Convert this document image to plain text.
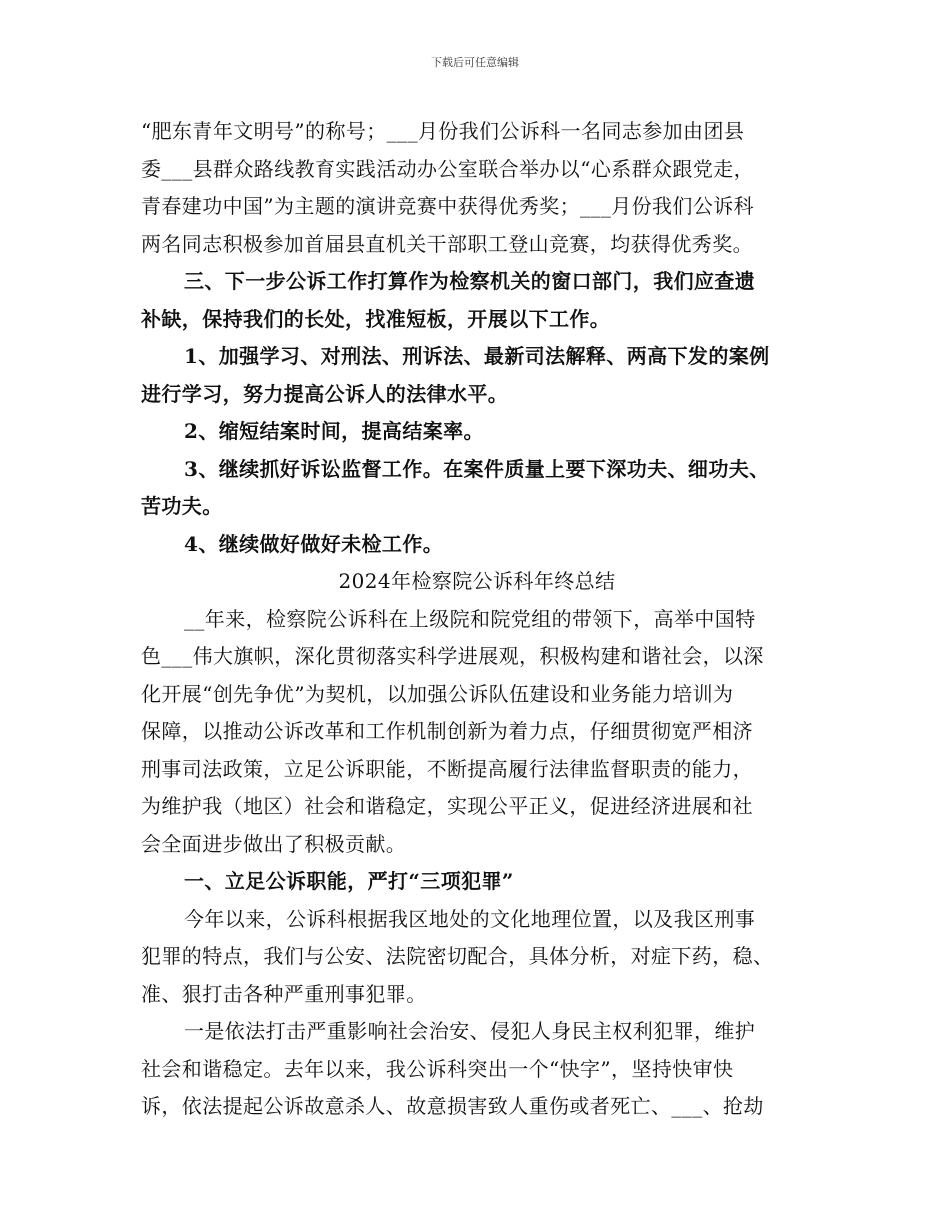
下载后可任意编辑
“肥东青年文明号”的称号；___月份我们公诉科一名同志参加由团县
委___县群众路线教育实践活动办公室联合举办以“心系群众跟党走，
青春建功中国”为主题的演讲竞赛中获得优秀奖；___月份我们公诉科
两名同志积极参加首届县直机关干部职工登山竞赛，均获得优秀奖。
三、下一步公诉工作打算作为检察机关的窗口部门，我们应查遗
补缺，保持我们的长处，找准短板，开展以下工作。
1、加强学习、对刑法、刑诉法、最新司法解释、两高下发的案例
进行学习，努力提高公诉人的法律水平。
2、缩短结案时间，提高结案率。
3、继续抓好诉讼监督工作。在案件质量上要下深功夫、细功夫、
苦功夫。
4、继续做好做好未检工作。
2024年检察院公诉科年终总结
__年来，检察院公诉科在上级院和院党组的带领下，高举中国特
色___伟大旗帜，深化贯彻落实科学进展观，积极构建和谐社会，以深
化开展“创先争优”为契机，以加强公诉队伍建设和业务能力培训为
保障，以推动公诉改革和工作机制创新为着力点，仔细贯彻宽严相济
刑事司法政策，立足公诉职能，不断提高履行法律监督职责的能力，
为维护我（地区）社会和谐稳定，实现公平正义，促进经济进展和社
会全面进步做出了积极贡献。
一、立足公诉职能，严打“三项犯罪”
今年以来，公诉科根据我区地处的文化地理位置，以及我区刑事
犯罪的特点，我们与公安、法院密切配合，具体分析，对症下药，稳、
准、狠打击各种严重刑事犯罪。
一是依法打击严重影响社会治安、侵犯人身民主权利犯罪，维护
社会和谐稳定。去年以来，我公诉科突出一个“快字”，坚持快审快
诉，依法提起公诉故意杀人、故意损害致人重伤或者死亡、___、抢劫
